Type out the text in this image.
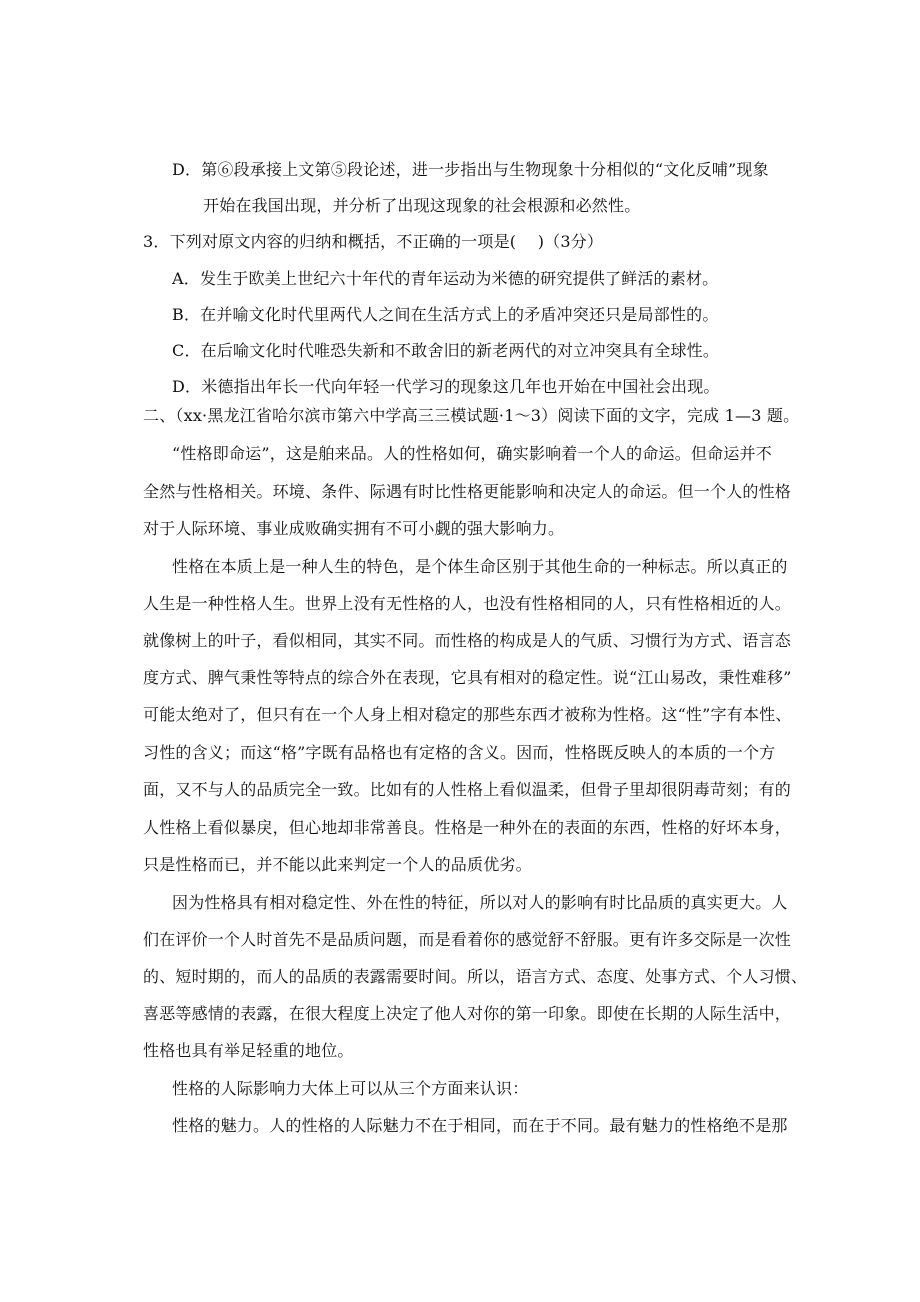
D．第⑥段承接上文第⑤段论述，进一步指出与生物现象十分相似的“文化反哺”现象
开始在我国出现，并分析了出现这现象的社会根源和必然性。
3．下列对原文内容的归纳和概括，不正确的一项是(　 )（3分）
A．发生于欧美上世纪六十年代的青年运动为米德的研究提供了鲜活的素材。
B．在并喻文化时代里两代人之间在生活方式上的矛盾冲突还只是局部性的。
C．在后喻文化时代唯恐失新和不敢舍旧的新老两代的对立冲突具有全球性。
D．米德指出年长一代向年轻一代学习的现象这几年也开始在中国社会出现。
二、（xx·黑龙江省哈尔滨市第六中学高三三模试题·1～3）阅读下面的文字，完成 1—3 题。
“性格即命运”，这是舶来品。人的性格如何，确实影响着一个人的命运。但命运并不
全然与性格相关。环境、条件、际遇有时比性格更能影响和决定人的命运。但一个人的性格
对于人际环境、事业成败确实拥有不可小觑的强大影响力。
性格在本质上是一种人生的特色，是个体生命区别于其他生命的一种标志。所以真正的
人生是一种性格人生。世界上没有无性格的人，也没有性格相同的人，只有性格相近的人。
就像树上的叶子，看似相同，其实不同。而性格的构成是人的气质、习惯行为方式、语言态
度方式、脾气秉性等特点的综合外在表现，它具有相对的稳定性。说“江山易改，秉性难移”
可能太绝对了，但只有在一个人身上相对稳定的那些东西才被称为性格。这“性”字有本性、
习性的含义；而这“格”字既有品格也有定格的含义。因而，性格既反映人的本质的一个方
面，又不与人的品质完全一致。比如有的人性格上看似温柔，但骨子里却很阴毒苛刻；有的
人性格上看似暴戾，但心地却非常善良。性格是一种外在的表面的东西，性格的好坏本身，
只是性格而已，并不能以此来判定一个人的品质优劣。
因为性格具有相对稳定性、外在性的特征，所以对人的影响有时比品质的真实更大。人
们在评价一个人时首先不是品质问题，而是看着你的感觉舒不舒服。更有许多交际是一次性
的、短时期的，而人的品质的表露需要时间。所以，语言方式、态度、处事方式、个人习惯、
喜恶等感情的表露，在很大程度上决定了他人对你的第一印象。即使在长期的人际生活中，
性格也具有举足轻重的地位。
性格的人际影响力大体上可以从三个方面来认识：
性格的魅力。人的性格的人际魅力不在于相同，而在于不同。最有魅力的性格绝不是那
